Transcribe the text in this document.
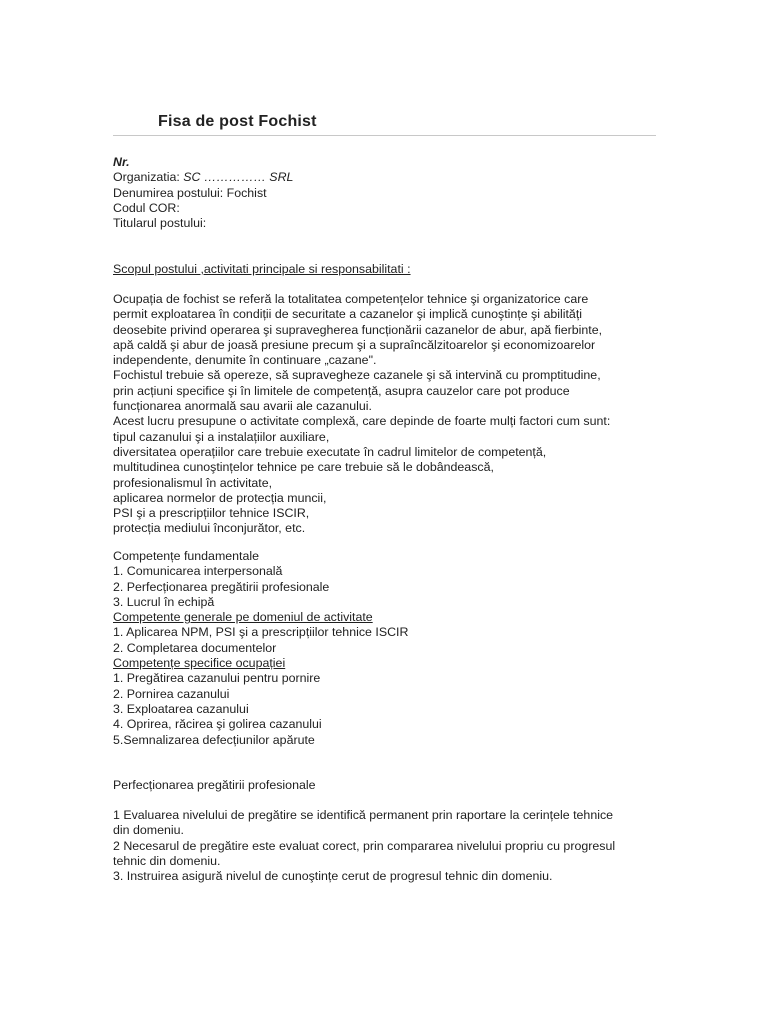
Fisa de post Fochist
Nr.
Organizatia: SC …………… SRL
Denumirea postului: Fochist
Codul COR:
Titularul postului:
Scopul postului ,activitati principale si responsabilitati :
Ocupația de fochist se referă la totalitatea competențelor tehnice şi organizatorice care
permit exploatarea în condiții de securitate a cazanelor şi implică cunoştințe şi abilități
deosebite privind operarea şi supravegherea funcționării cazanelor de abur, apă fierbinte,
apă caldă şi abur de joasă presiune precum şi a supraîncălzitoarelor şi economizoarelor
independente, denumite în continuare „cazane".
Fochistul trebuie să opereze, să supravegheze cazanele şi să intervină cu promptitudine,
prin acțiuni specifice şi în limitele de competență, asupra cauzelor care pot produce
funcționarea anormală sau avarii ale cazanului.
Acest lucru presupune o activitate complexă, care depinde de foarte mulți factori cum sunt:
tipul cazanului şi a instalațiilor auxiliare,
diversitatea operațiilor care trebuie executate în cadrul limitelor de competență,
multitudinea cunoştințelor tehnice pe care trebuie să le dobândească,
profesionalismul în activitate,
aplicarea normelor de protecția muncii,
PSI şi a prescripțiilor tehnice ISCIR,
protecția mediului înconjurător, etc.
Competențe fundamentale
1. Comunicarea interpersonală
2. Perfecționarea pregătirii profesionale
3. Lucrul în echipă
Competente generale pe domeniul de activitate
1. Aplicarea NPM, PSI şi a prescripțiilor tehnice ISCIR
2. Completarea documentelor
Competențe specifice ocupației
1. Pregătirea cazanului pentru pornire
2. Pornirea cazanului
3. Exploatarea cazanului
4. Oprirea, răcirea şi golirea cazanului
5.Semnalizarea defecțiunilor apărute
Perfecționarea pregătirii profesionale
1 Evaluarea nivelului de pregătire se identifică permanent prin raportare la cerințele tehnice
din domeniu.
2 Necesarul de pregătire este evaluat corect, prin compararea nivelului propriu cu progresul
tehnic din domeniu.
3. Instruirea asigură nivelul de cunoştințe cerut de progresul tehnic din domeniu.
